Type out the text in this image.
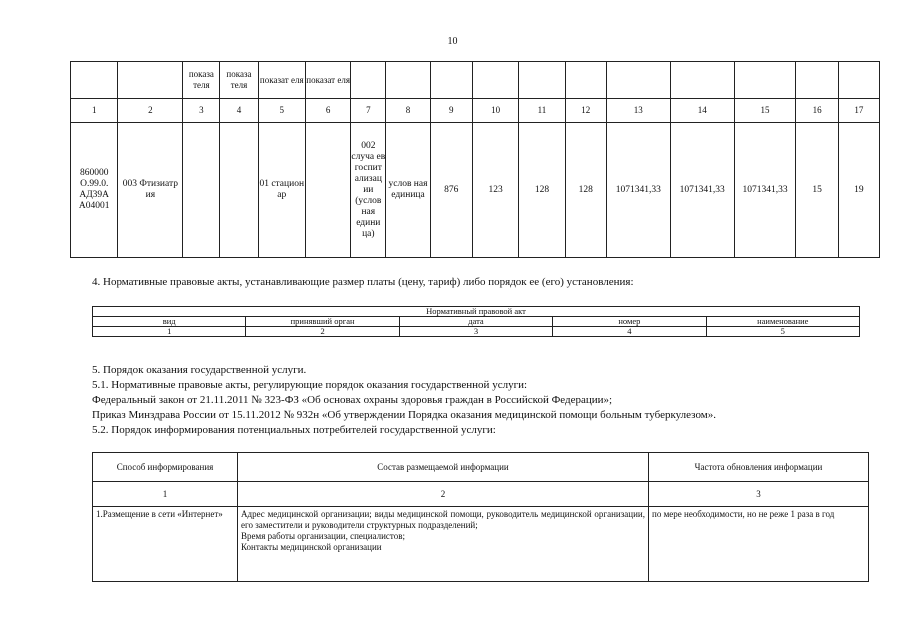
10
		показа теля	показа теля	показат еля	показат еля											
1	2	3	4	5	6	7	8	9	10	11	12	13	14	15	16	17
860000 О.99.0. АД39А А04001	003 Фтизиатр ия			01 стацион ар		002 случа ев госпит ализац ии (услов ная едини ца)	услов ная единица	876	123	128	128	1071341,33	1071341,33	1071341,33	15	19
4. Нормативные правовые акты, устанавливающие размер платы (цену, тариф) либо порядок ее (его) установления:
Нормативный правовой акт				
вид	принявший орган	дата	номер	наименование
1	2	3	4	5
5. Порядок оказания государственной услуги.
5.1. Нормативные правовые акты, регулирующие порядок оказания государственной услуги:
Федеральный закон от 21.11.2011 № 323-ФЗ «Об основах охраны здоровья граждан в Российской Федерации»;
Приказ Минздрава России от 15.11.2012 № 932н «Об утверждении Порядка оказания медицинской помощи больным туберкулезом».
5.2. Порядок информирования потенциальных потребителей государственной услуги:
Способ информирования	Состав размещаемой информации	Частота обновления информации
1	2	3
1.Размещение в сети «Интернет»	Адрес медицинской организации; виды медицинской помощи, руководитель медицинской организации, его заместители и руководители структурных подразделений;
Время работы организации, специалистов;
Контакты медицинской организации	по мере необходимости, но не реже 1 раза в год
